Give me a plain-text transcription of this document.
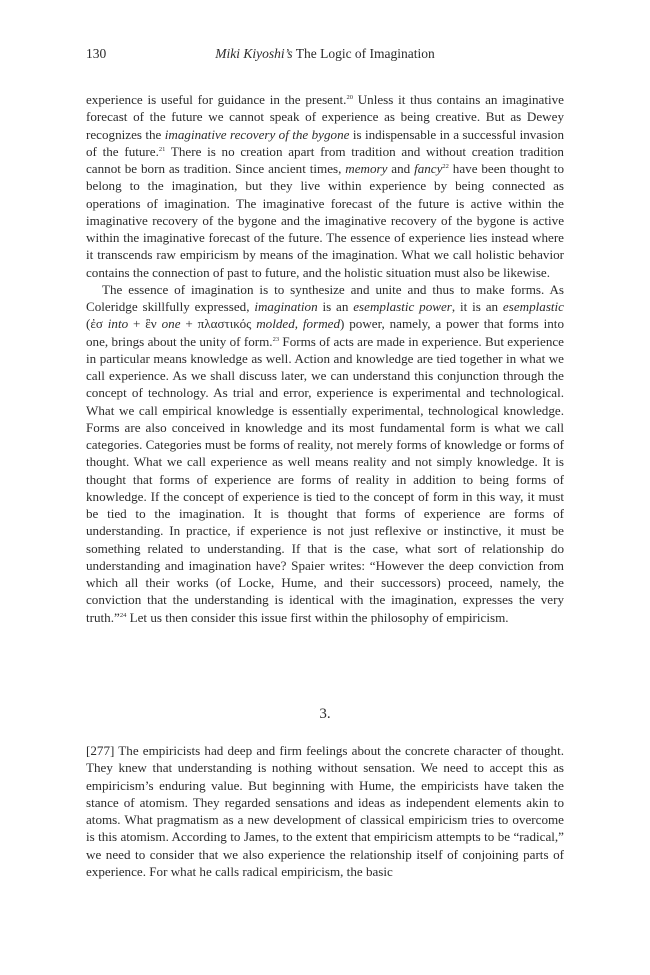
130	Miki Kiyoshi’s The Logic of Imagination

experience is useful for guidance in the present.$^{20}$ Unless it thus contains an imaginative forecast of the future we cannot speak of experience as being creative. But as Dewey recognizes the imaginative recovery of the bygone is indispensable in a successful invasion of the future.$^{21}$ There is no creation apart from tradition and without creation tradition cannot be born as tradition. Since ancient times, memory and fancy$^{22}$ have been thought to belong to the imagination, but they live within experience by being connected as operations of imagination. The imaginative forecast of the future is active within the imaginative recovery of the bygone and the imaginative recovery of the bygone is active within the imaginative forecast of the future. The essence of experience lies instead where it transcends raw empiricism by means of the imagination. What we call holistic behavior contains the connection of past to future, and the holistic situation must also be likewise.

The essence of imagination is to synthesize and unite and thus to make forms. As Coleridge skillfully expressed, imagination is an esemplastic power, it is an esemplastic (ἐσ into + ἓν one + πλαστικός molded, formed) power, namely, a power that forms into one, brings about the unity of form.$^{23}$ Forms of acts are made in experience. But experience in particular means knowledge as well. Action and knowledge are tied together in what we call experience. As we shall discuss later, we can understand this conjunction through the concept of technology. As trial and error, experience is experimental and technological. What we call empirical knowledge is essentially experimental, technological knowledge. Forms are also conceived in knowledge and its most fundamental form is what we call categories. Categories must be forms of reality, not merely forms of knowledge or forms of thought. What we call experience as well means reality and not simply knowledge. It is thought that forms of experience are forms of reality in addition to being forms of knowledge. If the concept of experience is tied to the concept of form in this way, it must be tied to the imagination. It is thought that forms of experience are forms of understanding. In practice, if experience is not just reflexive or instinctive, it must be something related to understanding. If that is the case, what sort of relationship do understanding and imagination have? Spaier writes: “However the deep conviction from which all their works (of Locke, Hume, and their successors) proceed, namely, the conviction that the understanding is identical with the imagination, expresses the very truth.”$^{24}$ Let us then consider this issue first within the philosophy of empiricism.

3.

[277] The empiricists had deep and firm feelings about the concrete character of thought. They knew that understanding is nothing without sensation. We need to accept this as empiricism’s enduring value. But beginning with Hume, the empiricists have taken the stance of atomism. They regarded sensations and ideas as independent elements akin to atoms. What pragmatism as a new development of classical empiricism tries to overcome is this atomism. According to James, to the extent that empiricism attempts to be “radical,” we need to consider that we also experience the relationship itself of conjoining parts of experience. For what he calls radical empiricism, the basic
